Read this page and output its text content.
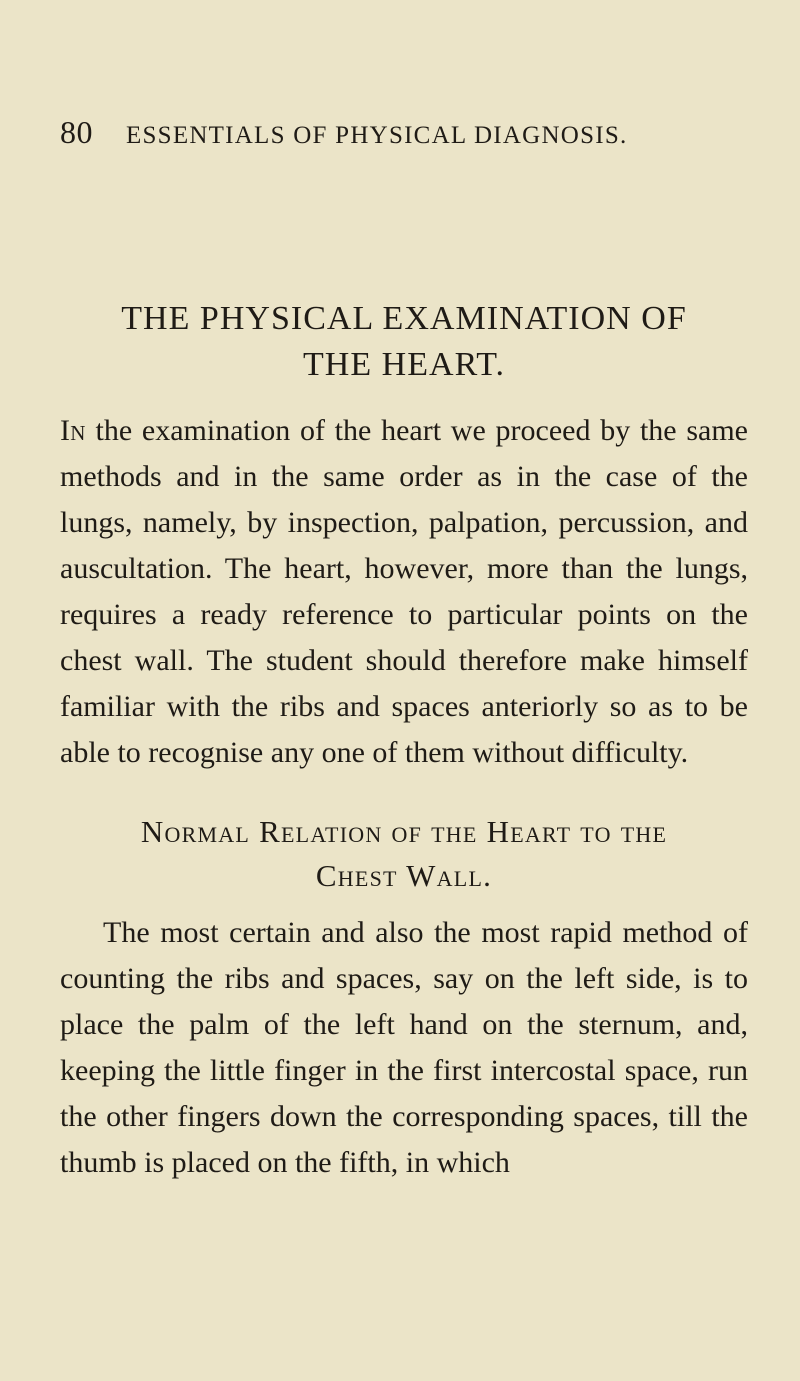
80	ESSENTIALS OF PHYSICAL DIAGNOSIS.
THE PHYSICAL EXAMINATION OF
THE HEART.

In the examination of the heart we proceed by the same methods and in the same order as in the case of the lungs, namely, by inspection, palpation, percussion, and auscultation. The heart, however, more than the lungs, requires a ready reference to particular points on the chest wall. The student should therefore make himself familiar with the ribs and spaces anteriorly so as to be able to recognise any one of them without difficulty.

Normal Relation of the Heart to the
Chest Wall.

The most certain and also the most rapid method of counting the ribs and spaces, say on the left side, is to place the palm of the left hand on the sternum, and, keeping the little finger in the first intercostal space, run the other fingers down the corresponding spaces, till the thumb is placed on the fifth, in which
